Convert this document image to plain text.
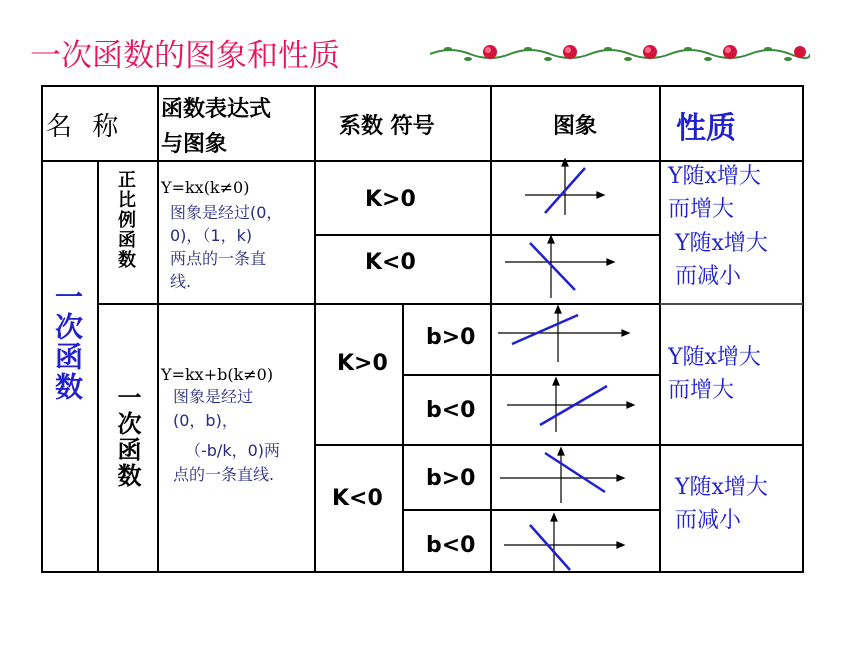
一次函数的图象和性质
名 称
函数表达式
与图象
系数 符号	图象	性质
一次函数
正比例函数 Y=kx(k≠0)
图象是经过(0，
0)，（1，k)
两点的一条直
线.
K>0
K<0
Y随x增大
而增大
Y随x增大
而减小
一次函数
Y=kx+b(k≠0)
图象是经过
(0，b)，
（-b/k，0)两
点的一条直线.
K>0
K<0
b>0
b<0
b>0
b<0
Y随x增大
而增大
Y随x增大
而减小
